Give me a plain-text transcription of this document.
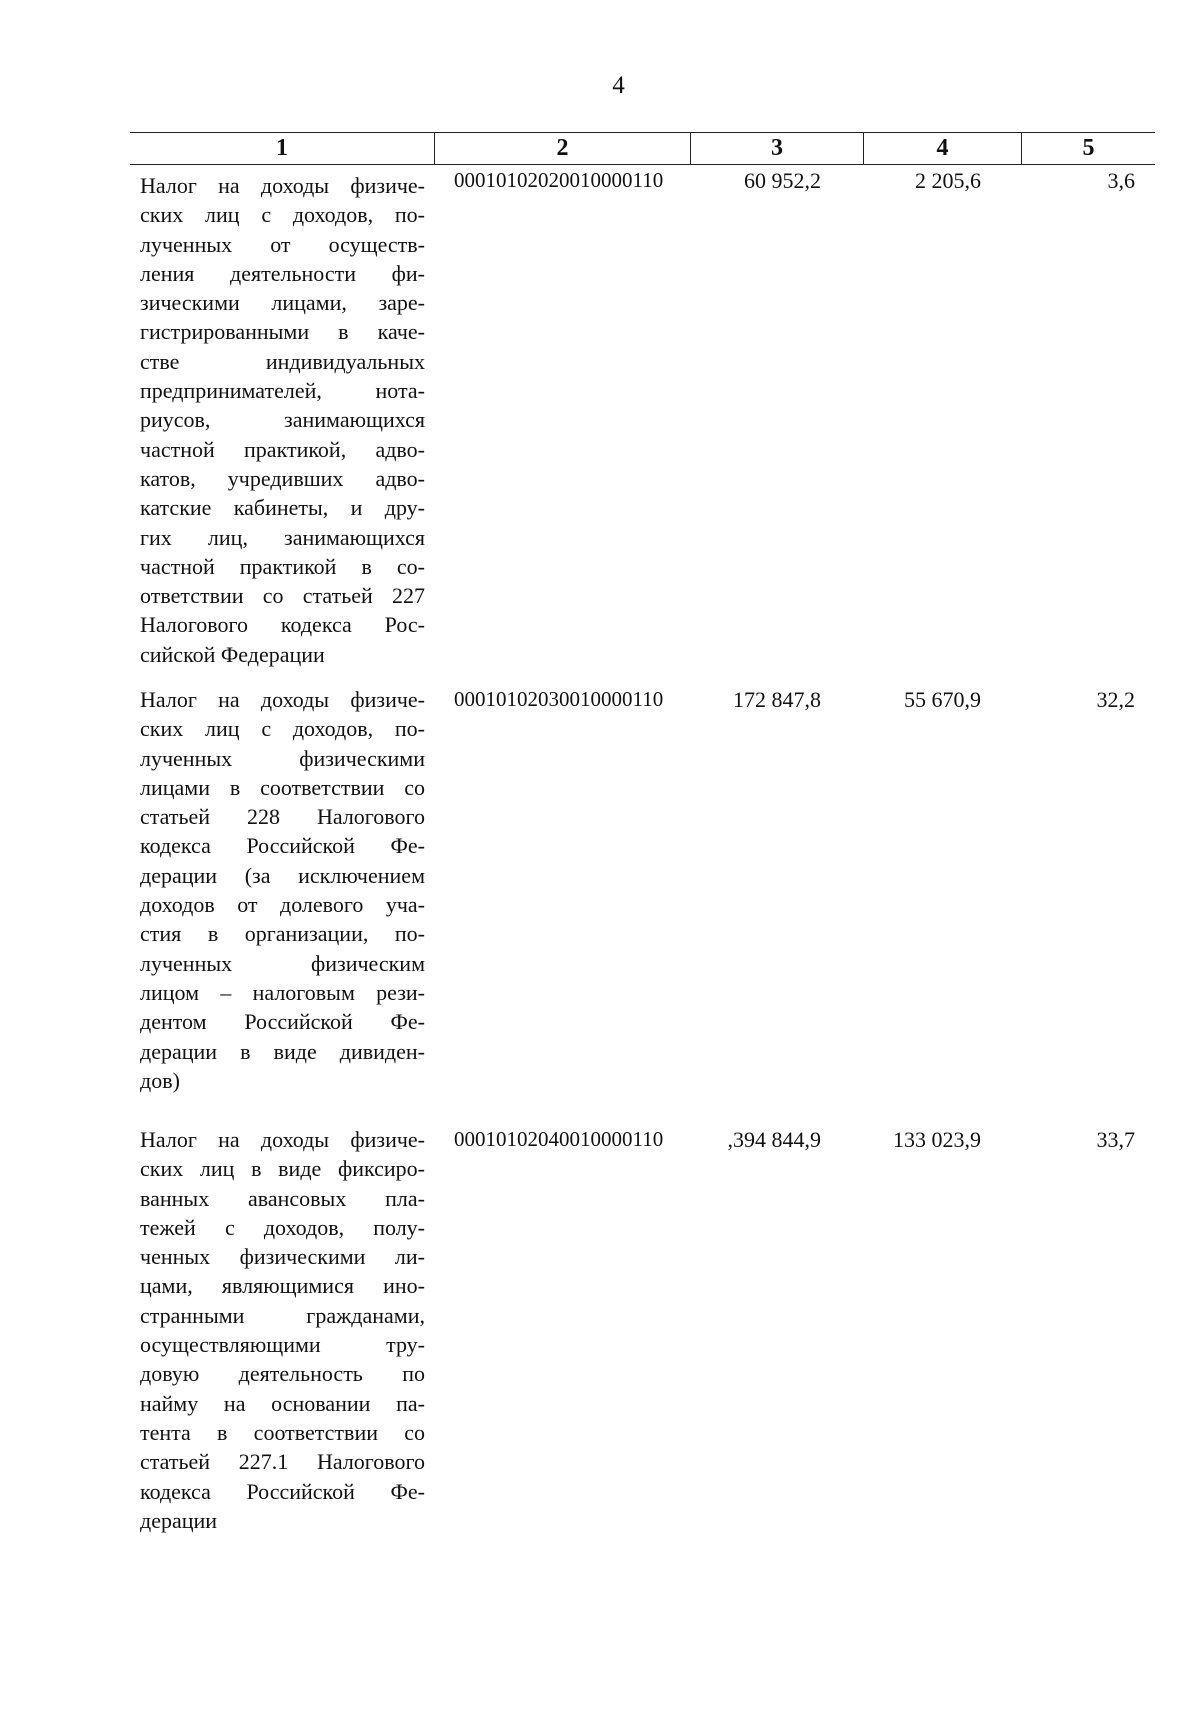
4
1	2	3	4	5
Налог на доходы физиче-
ских лиц с доходов, по-
лученных от осуществ-
ления деятельности фи-
зическими лицами, заре-
гистрированными в каче-
стве индивидуальных
предпринимателей, нота-
риусов, занимающихся
частной практикой, адво-
катов, учредивших адво-
катские кабинеты, и дру-
гих лиц, занимающихся
частной практикой в со-
ответствии со статьей 227
Налогового кодекса Рос-
сийской Федерации
00010102020010000110	60 952,2	2 205,6	3,6
Налог на доходы физиче-
ских лиц с доходов, по-
лученных физическими
лицами в соответствии со
статьей 228 Налогового
кодекса Российской Фе-
дерации (за исключением
доходов от долевого уча-
стия в организации, по-
лученных физическим
лицом – налоговым рези-
дентом Российской Фе-
дерации в виде дивиден-
дов)
00010102030010000110	172 847,8	55 670,9	32,2
Налог на доходы физиче-
ских лиц в виде фиксиро-
ванных авансовых пла-
тежей с доходов, полу-
ченных физическими ли-
цами, являющимися ино-
странными гражданами,
осуществляющими тру-
довую деятельность по
найму на основании па-
тента в соответствии со
статьей 227.1 Налогового
кодекса Российской Фе-
дерации
00010102040010000110	,394 844,9	133 023,9	33,7
